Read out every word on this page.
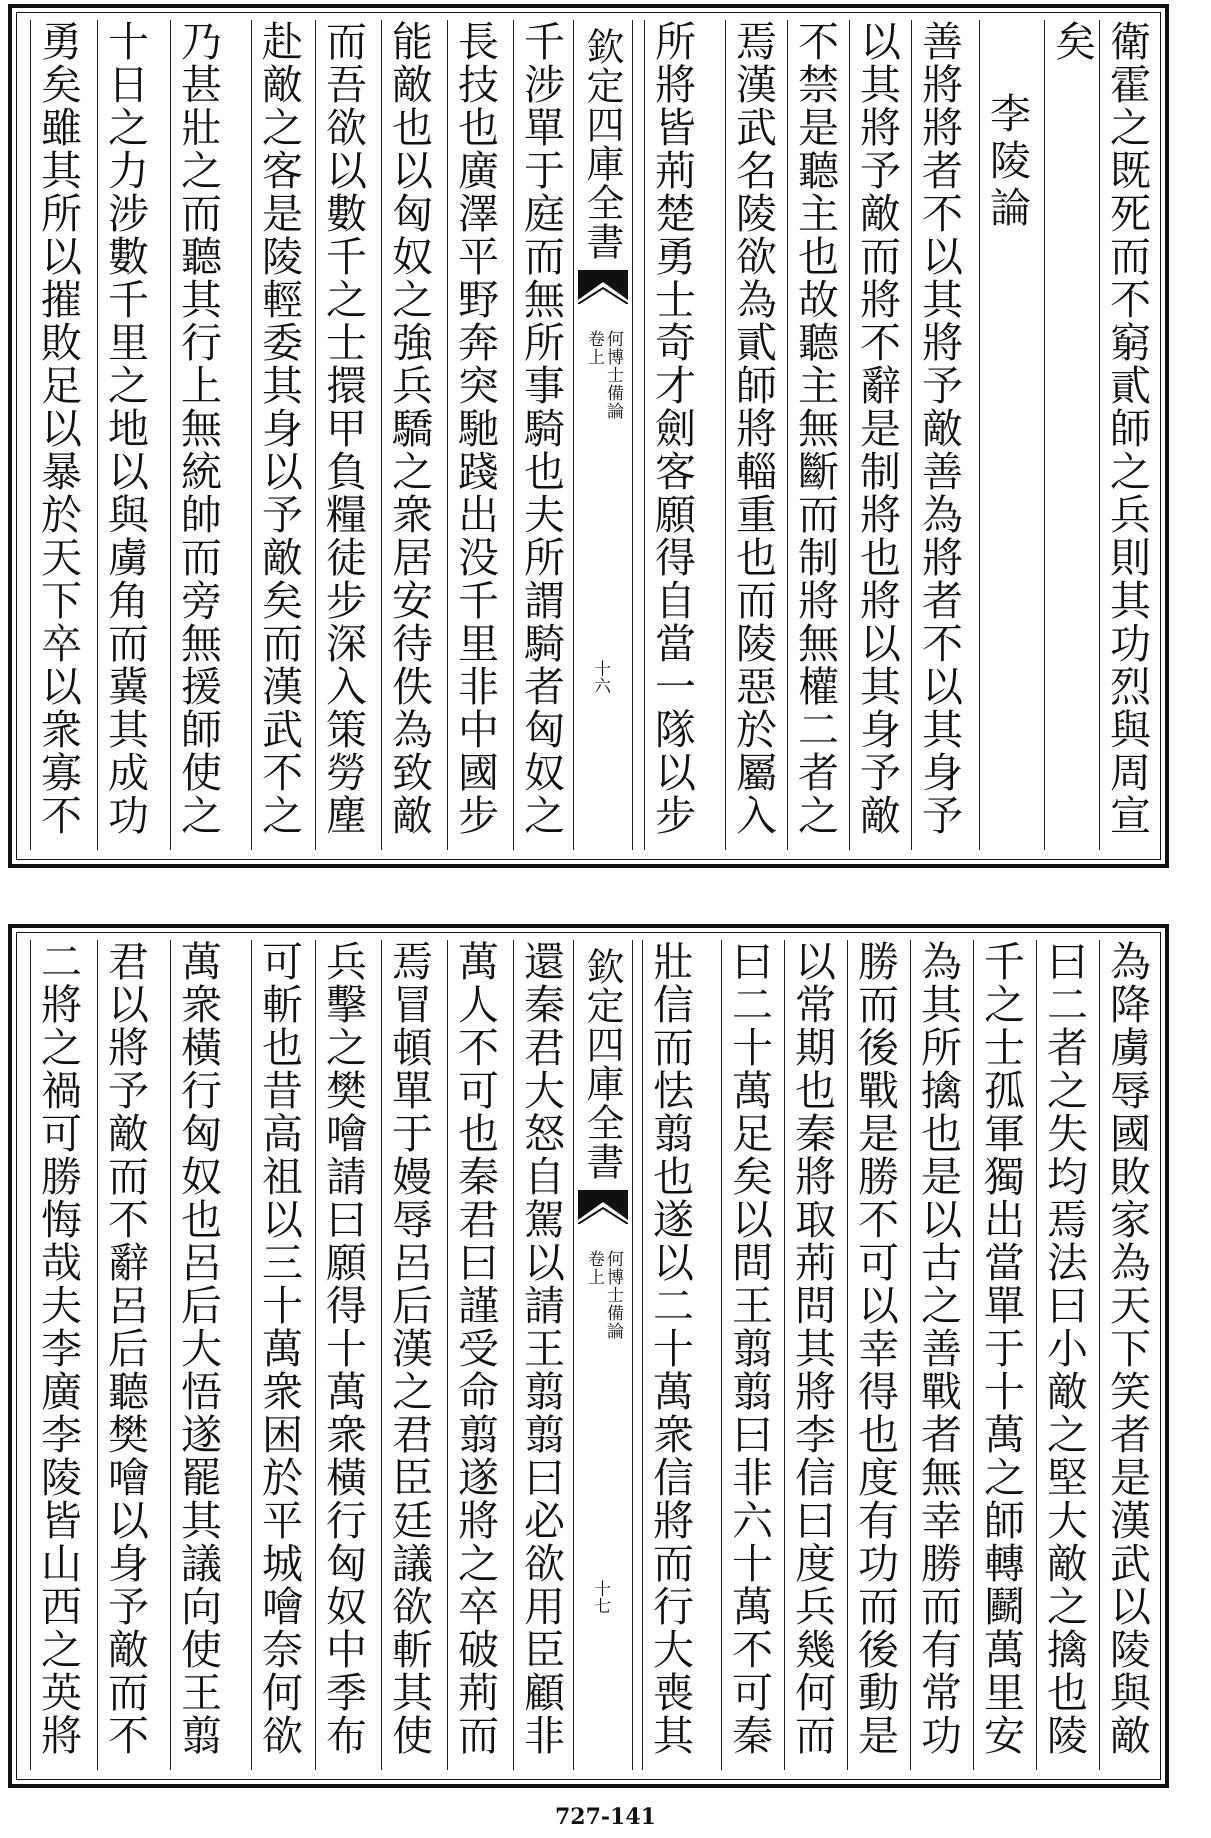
衛霍之既死而不窮貳師之兵則其功烈與周宣
矣
李陵論
善將將者不以其將予敵善為將者不以其身予
以其將予敵而將不辭是制將也將以其身予敵
不禁是聽主也故聽主無斷而制將無權二者之
焉漢武名陵欲為貳師將輜重也而陵惡於屬入
所將皆荊楚勇士奇才劍客願得自當一隊以步
欽定四庫全書
何博士備論
卷上
十六
千涉單于庭而無所事騎也夫所謂騎者匈奴之
長技也廣澤平野奔突馳踐出没千里非中國步
能敵也以匈奴之強兵驕之衆居安待佚為致敵
而吾欲以數千之士擐甲負糧徒步深入策勞塵
赴敵之客是陵輕委其身以予敵矣而漢武不之
乃甚壯之而聽其行上無統帥而旁無援師使之
十日之力涉數千里之地以與虜角而冀其成功
勇矣雖其所以摧敗足以暴於天下卒以衆寡不
為降虜辱國敗家為天下笑者是漢武以陵與敵
曰二者之失均焉法曰小敵之堅大敵之擒也陵
千之士孤軍獨出當單于十萬之師轉鬬萬里安
為其所擒也是以古之善戰者無幸勝而有常功
勝而後戰是勝不可以幸得也度有功而後動是
以常期也秦將取荊問其將李信曰度兵幾何而
曰二十萬足矣以問王翦翦曰非六十萬不可秦
壯信而怯翦也遂以二十萬衆信將而行大喪其
欽定四庫全書
何博士備論
卷上
十七
還秦君大怒自駕以請王翦翦曰必欲用臣顧非
萬人不可也秦君曰謹受命翦遂將之卒破荊而
焉冒頓單于嫚辱呂后漢之君臣廷議欲斬其使
兵擊之樊噲請曰願得十萬衆橫行匈奴中季布
可斬也昔高祖以三十萬衆困於平城噲奈何欲
萬衆橫行匈奴也呂后大悟遂罷其議向使王翦
君以將予敵而不辭呂后聽樊噲以身予敵而不
二將之禍可勝悔哉夫李廣李陵皆山西之英將
727-141
